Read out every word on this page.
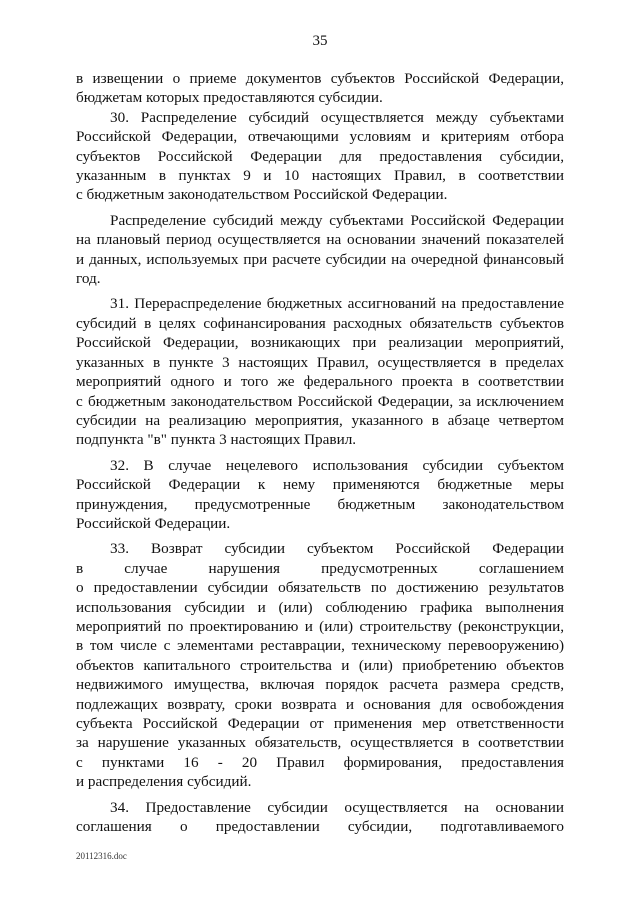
35
в извещении о приеме документов субъектов Российской Федерации,
бюджетам которых предоставляются субсидии.
30. Распределение субсидий осуществляется между субъектами
Российской Федерации, отвечающими условиям и критериям отбора
субъектов Российской Федерации для предоставления субсидии,
указанным в пунктах 9 и 10 настоящих Правил, в соответствии
с бюджетным законодательством Российской Федерации.
Распределение субсидий между субъектами Российской Федерации
на плановый период осуществляется на основании значений показателей
и данных, используемых при расчете субсидии на очередной финансовый
год.
31. Перераспределение бюджетных ассигнований на предоставление
субсидий в целях софинансирования расходных обязательств субъектов
Российской Федерации, возникающих при реализации мероприятий,
указанных в пункте 3 настоящих Правил, осуществляется в пределах
мероприятий одного и того же федерального проекта в соответствии
с бюджетным законодательством Российской Федерации, за исключением
субсидии на реализацию мероприятия, указанного в абзаце четвертом
подпункта "в" пункта 3 настоящих Правил.
32. В случае нецелевого использования субсидии субъектом
Российской Федерации к нему применяются бюджетные меры
принуждения, предусмотренные бюджетным законодательством
Российской Федерации.
33. Возврат субсидии субъектом Российской Федерации
в случае нарушения предусмотренных соглашением
о предоставлении субсидии обязательств по достижению результатов
использования субсидии и (или) соблюдению графика выполнения
мероприятий по проектированию и (или) строительству (реконструкции,
в том числе с элементами реставрации, техническому перевооружению)
объектов капитального строительства и (или) приобретению объектов
недвижимого имущества, включая порядок расчета размера средств,
подлежащих возврату, сроки возврата и основания для освобождения
субъекта Российской Федерации от применения мер ответственности
за нарушение указанных обязательств, осуществляется в соответствии
с пунктами 16 - 20 Правил формирования, предоставления
и распределения субсидий.
34. Предоставление субсидии осуществляется на основании
соглашения о предоставлении субсидии, подготавливаемого
20112316.doc
